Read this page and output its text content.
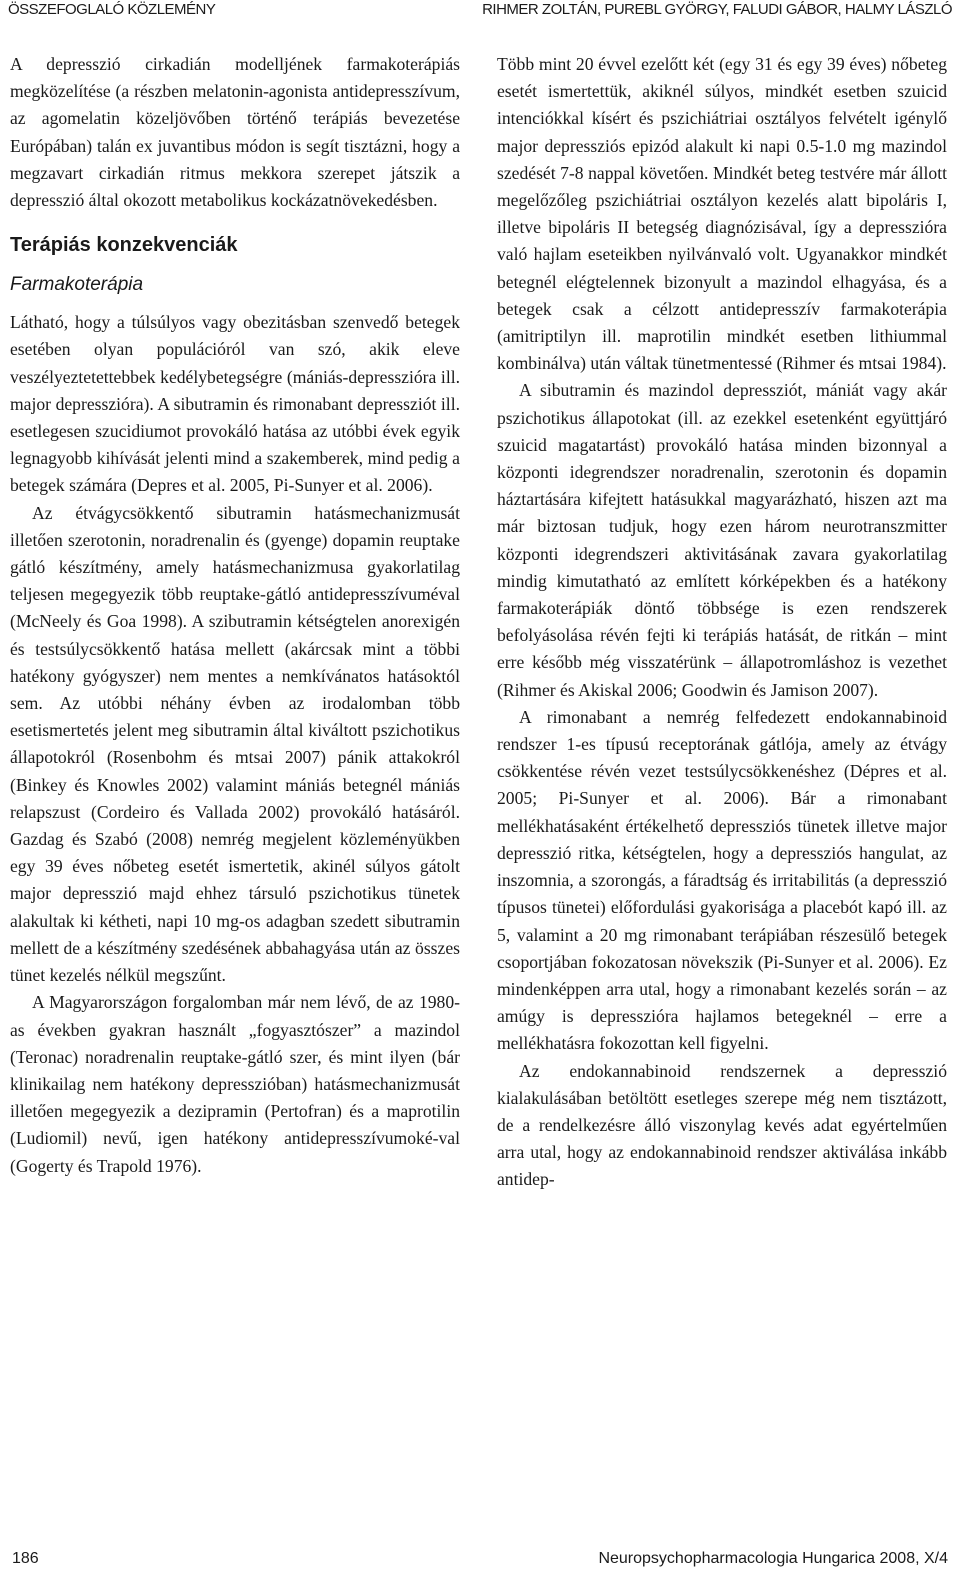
ÖSSZEFOGLALÓ KÖZLEMÉNY	RIHMER ZOLTÁN, PUREBL GYÖRGY, FALUDI GÁBOR, HALMY LÁSZLÓ

A depresszió cirkadián modelljének farmakoterápiás megközelítése (a részben melatonin-agonista antidepresszívum, az agomelatin közeljövőben történő terápiás bevezetése Európában) talán ex juvantibus módon is segít tisztázni, hogy a megzavart cirkadián ritmus mekkora szerepet játszik a depresszió által okozott metabolikus kockázatnövekedésben.

Terápiás konzekvenciák
Farmakoterápia

Látható, hogy a túlsúlyos vagy obezitásban szenvedő betegek esetében olyan populációról van szó, akik eleve veszélyeztetettebbek kedélybetegségre (mániás-depresszióra ill. major depresszióra). A sibutramin és rimonabant depressziót ill. esetlegesen szucidiumot provokáló hatása az utóbbi évek egyik legnagyobb kihívását jelenti mind a szakemberek, mind pedig a betegek számára (Depres et al. 2005, Pi-Sunyer et al. 2006).

Az étvágycsökkentő sibutramin hatásmechanizmusát illetően szerotonin, noradrenalin és (gyenge) dopamin reuptake gátló készítmény, amely hatásmechanizmusa gyakorlatilag teljesen megegyezik több reuptake-gátló antidepresszívuméval (McNeely és Goa 1998). A szibutramin kétségtelen anorexigén és testsúlycsökkentő hatása mellett (akárcsak mint a többi hatékony gyógyszer) nem mentes a nemkívánatos hatásoktól sem. Az utóbbi néhány évben az irodalomban több esetismertetés jelent meg sibutramin által kiváltott pszichotikus állapotokról (Rosenbohm és mtsai 2007) pánik attakokról (Binkey és Knowles 2002) valamint mániás betegnél mániás relapszust (Cordeiro és Vallada 2002) provokáló hatásáról. Gazdag és Szabó (2008) nemrég megjelent közleményükben egy 39 éves nőbeteg esetét ismertetik, akinél súlyos gátolt major depresszió majd ehhez társuló pszichotikus tünetek alakultak ki kétheti, napi 10 mg-os adagban szedett sibutramin mellett de a készítmény szedésének abbahagyása után az összes tünet kezelés nélkül megszűnt.

A Magyarországon forgalomban már nem lévő, de az 1980-as években gyakran használt „fogyasztószer” a mazindol (Teronac) noradrenalin reuptake-gátló szer, és mint ilyen (bár klinikailag nem hatékony depresszióban) hatásmechanizmusát illetően megegyezik a dezipramin (Pertofran) és a maprotilin (Ludiomil) nevű, igen hatékony antidepresszívumoké-val (Gogerty és Trapold 1976).

Több mint 20 évvel ezelőtt két (egy 31 és egy 39 éves) nőbeteg esetét ismertettük, akiknél súlyos, mindkét esetben szuicid intenciókkal kísért és pszichiátriai osztályos felvételt igénylő major depressziós epizód alakult ki napi 0.5-1.0 mg mazindol szedését 7-8 nappal követően. Mindkét beteg testvére már állott megelőzőleg pszichiátriai osztályon kezelés alatt bipoláris I, illetve bipoláris II betegség diagnózisával, így a depresszióra való hajlam eseteikben nyilvánvaló volt. Ugyanakkor mindkét betegnél elégtelennek bizonyult a mazindol elhagyása, és a betegek csak a célzott antidepresszív farmakoterápia (amitriptilyn ill. maprotilin mindkét esetben lithiummal kombinálva) után váltak tünetmentessé (Rihmer és mtsai 1984).

A sibutramin és mazindol depressziót, mániát vagy akár pszichotikus állapotokat (ill. az ezekkel esetenként együttjáró szuicid magatartást) provokáló hatása minden bizonnyal a központi idegrendszer noradrenalin, szerotonin és dopamin háztartására kifejtett hatásukkal magyarázható, hiszen azt ma már biztosan tudjuk, hogy ezen három neurotranszmitter központi idegrendszeri aktivitásának zavara gyakorlatilag mindig kimutatható az említett kórképekben és a hatékony farmakoterápiák döntő többsége is ezen rendszerek befolyásolása révén fejti ki terápiás hatását, de ritkán – mint erre később még visszatérünk – állapotromláshoz is vezethet (Rihmer és Akiskal 2006; Goodwin és Jamison 2007).

A rimonabant a nemrég felfedezett endokannabinoid rendszer 1-es típusú receptorának gátlója, amely az étvágy csökkentése révén vezet testsúlycsökkenéshez (Dépres et al. 2005; Pi-Sunyer et al. 2006). Bár a rimonabant mellékhatásaként értékelhető depressziós tünetek illetve major depresszió ritka, kétségtelen, hogy a depressziós hangulat, az inszomnia, a szorongás, a fáradtság és irritabilitás (a depresszió típusos tünetei) előfordulási gyakorisága a placebót kapó ill. az 5, valamint a 20 mg rimonabant terápiában részesülő betegek csoportjában fokozatosan növekszik (Pi-Sunyer et al. 2006). Ez mindenképpen arra utal, hogy a rimonabant kezelés során – az amúgy is depresszióra hajlamos betegeknél – erre a mellékhatásra fokozottan kell figyelni.

Az endokannabinoid rendszernek a depresszió kialakulásában betöltött esetleges szerepe még nem tisztázott, de a rendelkezésre álló viszonylag kevés adat egyértelműen arra utal, hogy az endokannabinoid rendszer aktiválása inkább antidep-

186	Neuropsychopharmacologia Hungarica 2008, X/4
